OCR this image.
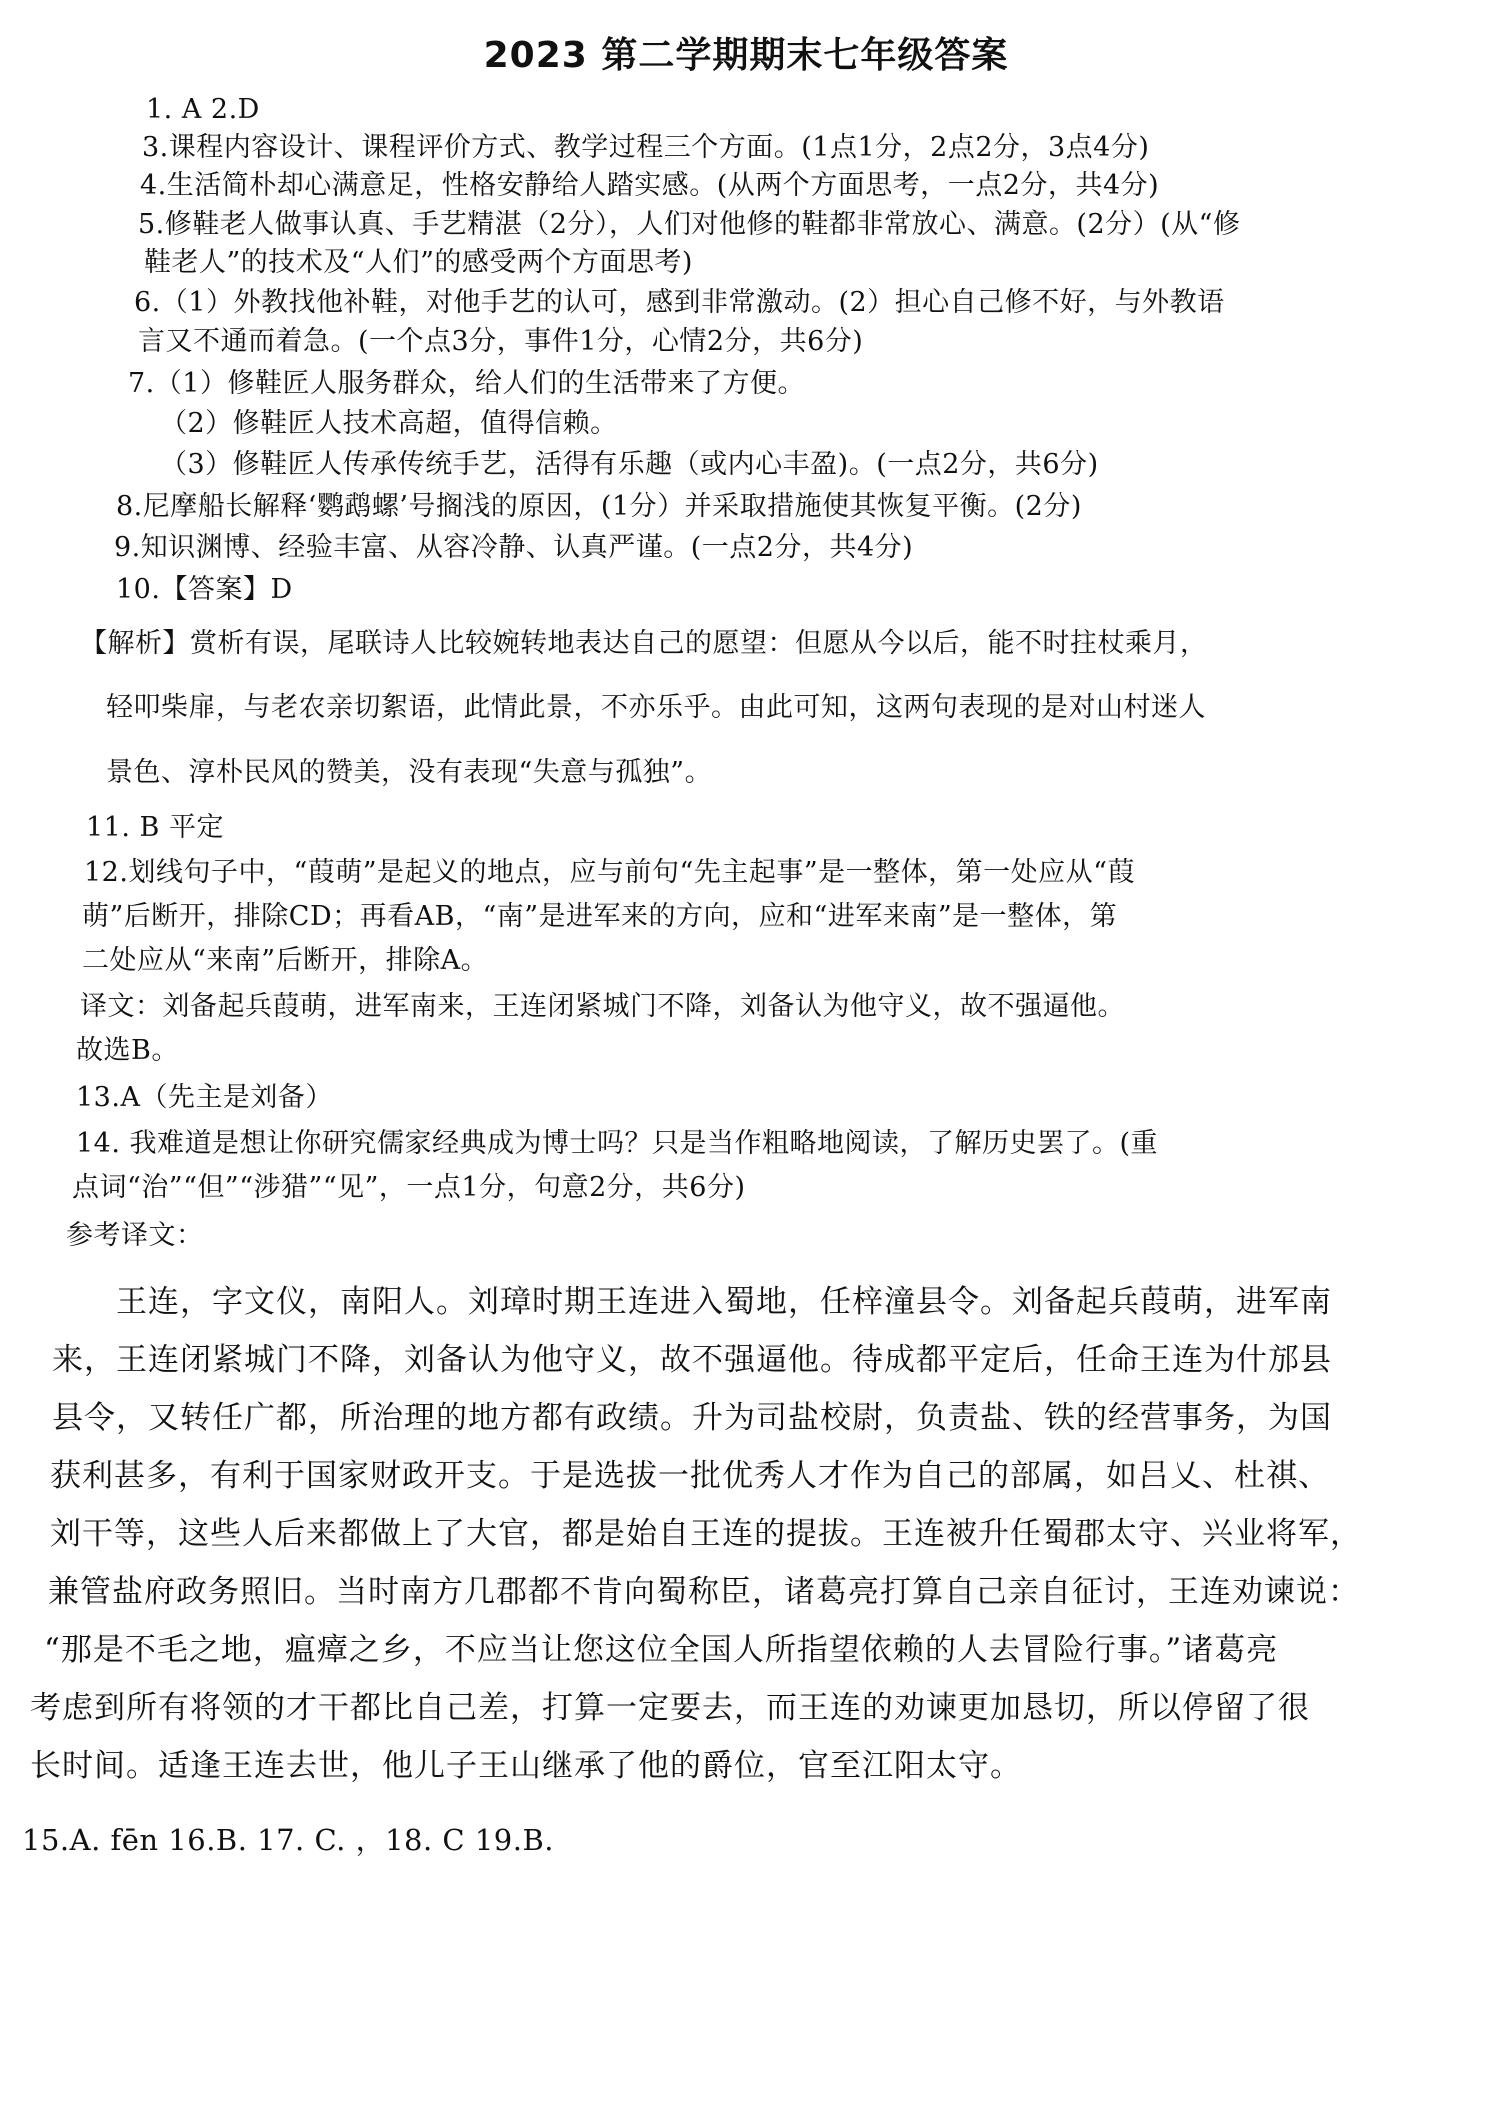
2023 第二学期期末七年级答案
1. A 2.D
3.课程内容设计、课程评价方式、教学过程三个方面。(1点1分，2点2分，3点4分)
4.生活简朴却心满意足，性格安静给人踏实感。(从两个方面思考，一点2分，共4分)
5.修鞋老人做事认真、手艺精湛（2分），人们对他修的鞋都非常放心、满意。(2分）(从“修
鞋老人”的技术及“人们”的感受两个方面思考)
6.（1）外教找他补鞋，对他手艺的认可，感到非常激动。(2）担心自己修不好，与外教语
言又不通而着急。(一个点3分，事件1分，心情2分，共6分)
7.（1）修鞋匠人服务群众，给人们的生活带来了方便。
（2）修鞋匠人技术高超，值得信赖。
（3）修鞋匠人传承传统手艺，活得有乐趣（或内心丰盈)。(一点2分，共6分)
8.尼摩船长解释‘鹦鹉螺’号搁浅的原因，(1分）并采取措施使其恢复平衡。(2分)
9.知识渊博、经验丰富、从容冷静、认真严谨。(一点2分，共4分)
10.【答案】D
【解析】赏析有误，尾联诗人比较婉转地表达自己的愿望：但愿从今以后，能不时拄杖乘月，
轻叩柴扉，与老农亲切絮语，此情此景，不亦乐乎。由此可知，这两句表现的是对山村迷人
景色、淳朴民风的赞美，没有表现“失意与孤独”。
11. B 平定
12.划线句子中，“葭萌”是起义的地点，应与前句“先主起事”是一整体，第一处应从“葭
萌”后断开，排除CD；再看AB，“南”是进军来的方向，应和“进军来南”是一整体，第
二处应从“来南”后断开，排除A。
译文：刘备起兵葭萌，进军南来，王连闭紧城门不降，刘备认为他守义，故不强逼他。
故选B。
13.A（先主是刘备）
14. 我难道是想让你研究儒家经典成为博士吗？只是当作粗略地阅读，了解历史罢了。(重
点词“治”“但”“涉猎”“见”，一点1分，句意2分，共6分)
参考译文：
王连，字文仪，南阳人。刘璋时期王连进入蜀地，任梓潼县令。刘备起兵葭萌，进军南
来，王连闭紧城门不降，刘备认为他守义，故不强逼他。待成都平定后，任命王连为什邡县
县令，又转任广都，所治理的地方都有政绩。升为司盐校尉，负责盐、铁的经营事务，为国
获利甚多，有利于国家财政开支。于是选拔一批优秀人才作为自己的部属，如吕乂、杜祺、
刘干等，这些人后来都做上了大官，都是始自王连的提拔。王连被升任蜀郡太守、兴业将军，
兼管盐府政务照旧。当时南方几郡都不肯向蜀称臣，诸葛亮打算自己亲自征讨，王连劝谏说：
“那是不毛之地，瘟瘴之乡，不应当让您这位全国人所指望依赖的人去冒险行事。”诸葛亮
考虑到所有将领的才干都比自己差，打算一定要去，而王连的劝谏更加恳切，所以停留了很
长时间。适逢王连去世，他儿子王山继承了他的爵位，官至江阳太守。
15.A. fēn 16.B. 17. C. ，18. C 19.B.
